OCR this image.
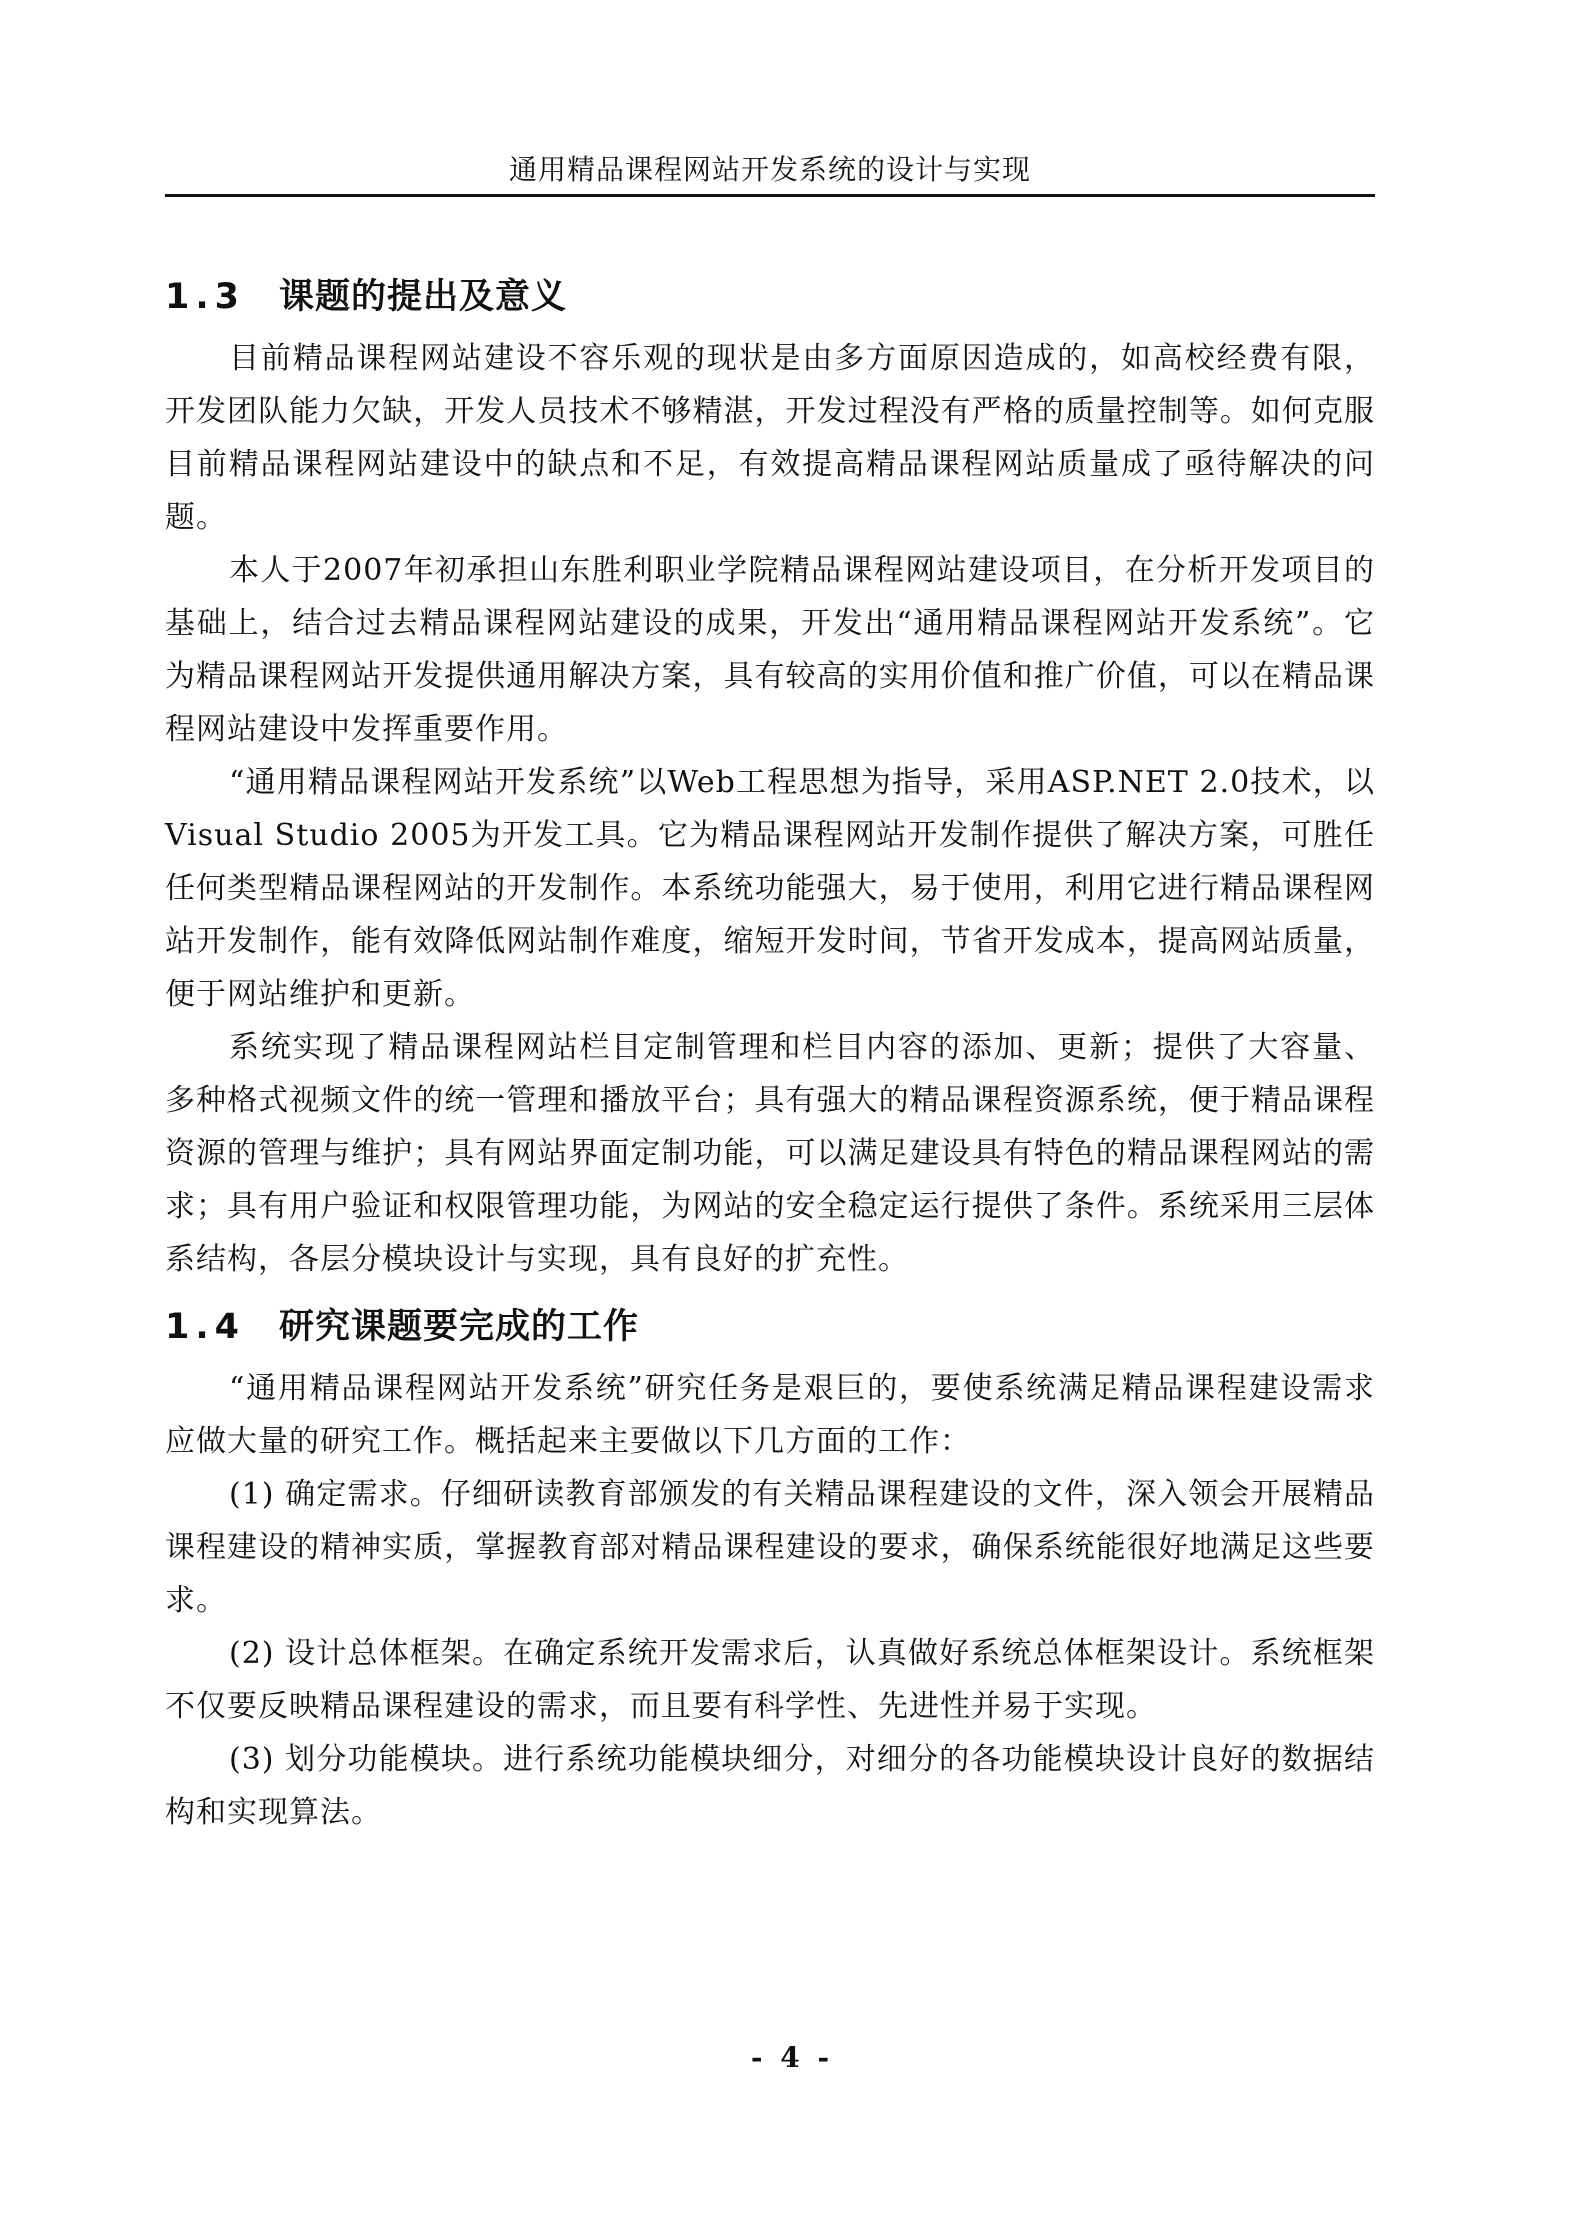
通用精品课程网站开发系统的设计与实现
1.3 课题的提出及意义

目前精品课程网站建设不容乐观的现状是由多方面原因造成的，如高校经费有限，开发团队能力欠缺，开发人员技术不够精湛，开发过程没有严格的质量控制等。如何克服目前精品课程网站建设中的缺点和不足，有效提高精品课程网站质量成了亟待解决的问题。

本人于2007年初承担山东胜利职业学院精品课程网站建设项目，在分析开发项目的基础上，结合过去精品课程网站建设的成果，开发出“通用精品课程网站开发系统”。它为精品课程网站开发提供通用解决方案，具有较高的实用价值和推广价值，可以在精品课程网站建设中发挥重要作用。

“通用精品课程网站开发系统”以Web工程思想为指导，采用ASP.NET 2.0技术，以Visual Studio 2005为开发工具。它为精品课程网站开发制作提供了解决方案，可胜任任何类型精品课程网站的开发制作。本系统功能强大，易于使用，利用它进行精品课程网站开发制作，能有效降低网站制作难度，缩短开发时间，节省开发成本，提高网站质量，便于网站维护和更新。

系统实现了精品课程网站栏目定制管理和栏目内容的添加、更新；提供了大容量、多种格式视频文件的统一管理和播放平台；具有强大的精品课程资源系统，便于精品课程资源的管理与维护；具有网站界面定制功能，可以满足建设具有特色的精品课程网站的需求；具有用户验证和权限管理功能，为网站的安全稳定运行提供了条件。系统采用三层体系结构，各层分模块设计与实现，具有良好的扩充性。

1.4 研究课题要完成的工作

“通用精品课程网站开发系统”研究任务是艰巨的，要使系统满足精品课程建设需求应做大量的研究工作。概括起来主要做以下几方面的工作：

(1) 确定需求。仔细研读教育部颁发的有关精品课程建设的文件，深入领会开展精品课程建设的精神实质，掌握教育部对精品课程建设的要求，确保系统能很好地满足这些要求。

(2) 设计总体框架。在确定系统开发需求后，认真做好系统总体框架设计。系统框架不仅要反映精品课程建设的需求，而且要有科学性、先进性并易于实现。

(3) 划分功能模块。进行系统功能模块细分，对细分的各功能模块设计良好的数据结构和实现算法。

- 4 -
